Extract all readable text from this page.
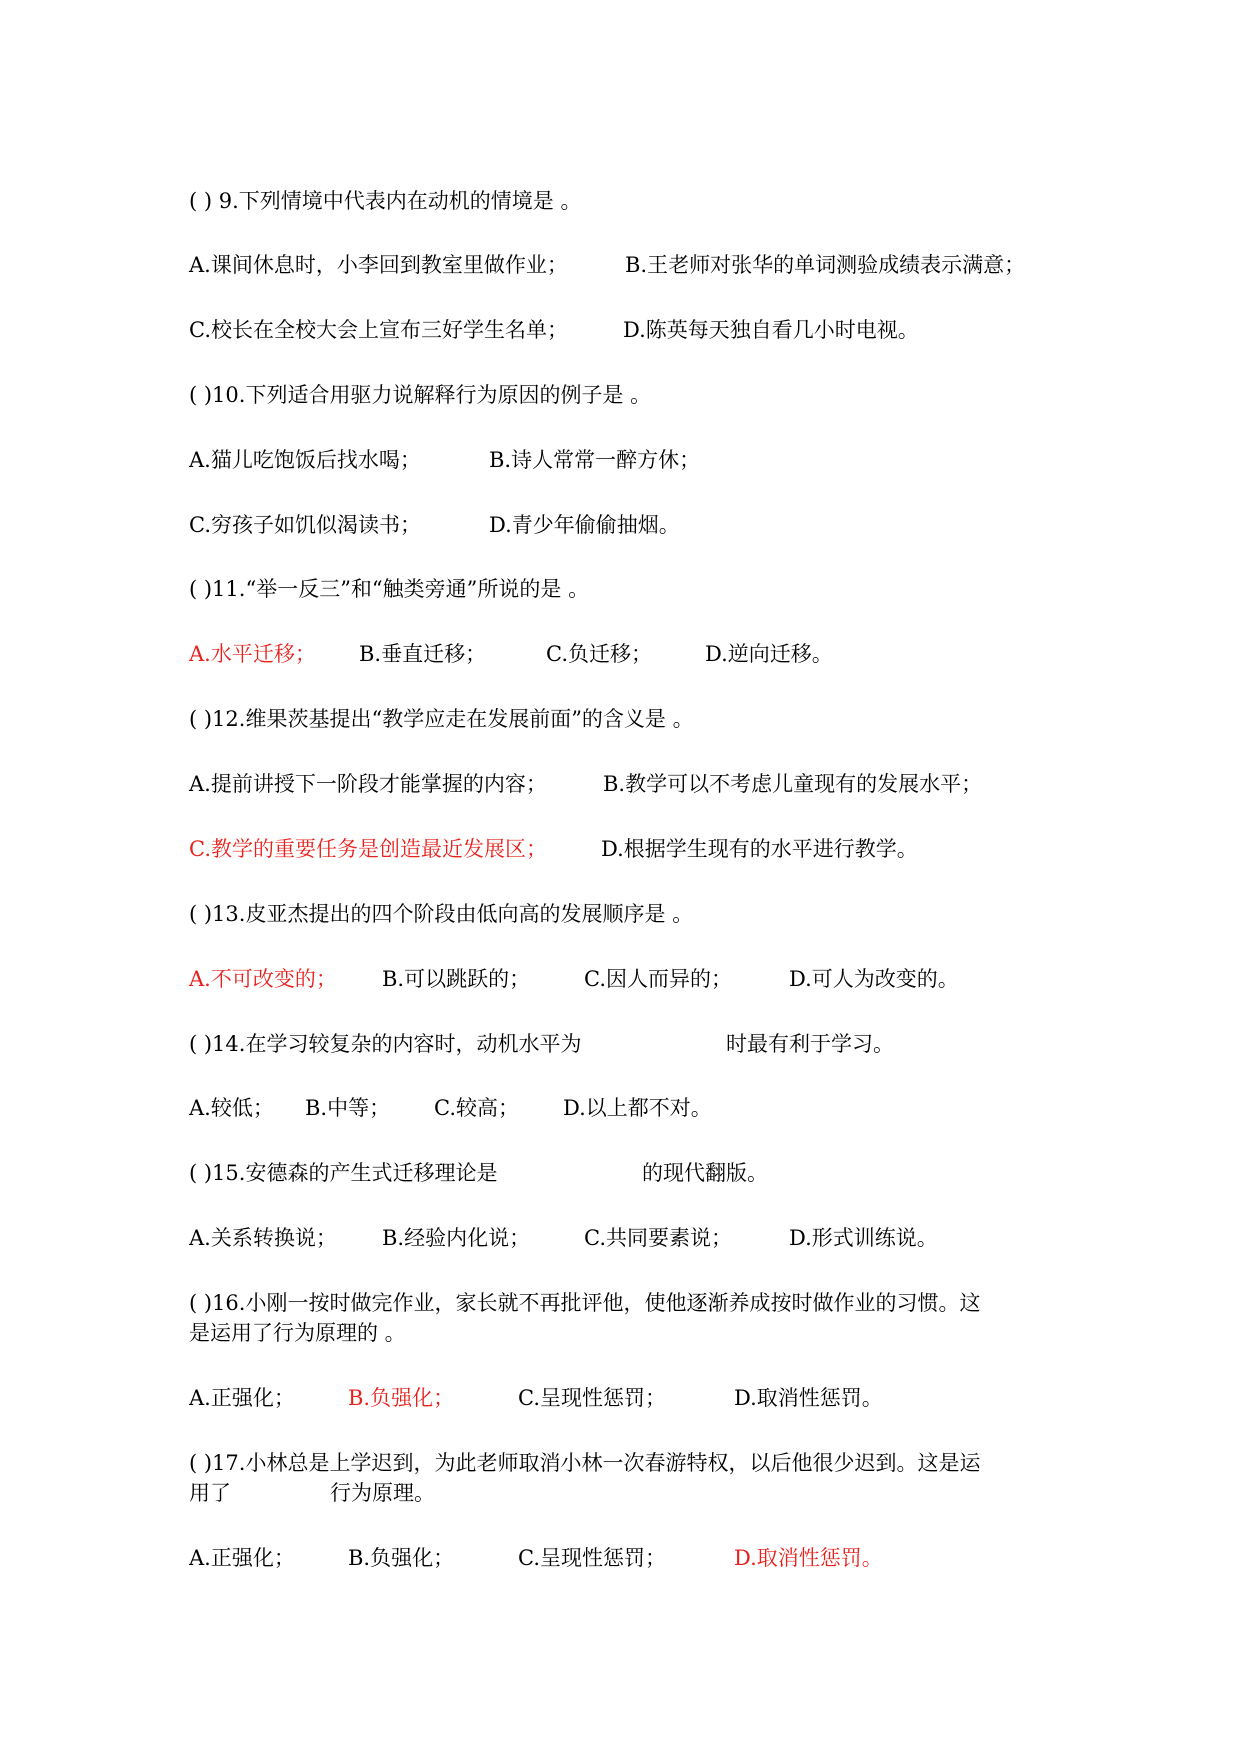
( ) 9.下列情境中代表内在动机的情境是 。
A.课间休息时，小李回到教室里做作业；	B.王老师对张华的单词测验成绩表示满意；
C.校长在全校大会上宣布三好学生名单；	D.陈英每天独自看几小时电视。
( )10.下列适合用驱力说解释行为原因的例子是 。
A.猫儿吃饱饭后找水喝；	B.诗人常常一醉方休；
C.穷孩子如饥似渴读书；	D.青少年偷偷抽烟。
( )11.“举一反三”和“触类旁通”所说的是 。
A.水平迁移； B.垂直迁移；	C.负迁移；	D.逆向迁移。
( )12.维果茨基提出“教学应走在发展前面”的含义是 。
A.提前讲授下一阶段才能掌握的内容；	B.教学可以不考虑儿童现有的发展水平；
C.教学的重要任务是创造最近发展区；	D.根据学生现有的水平进行教学。
( )13.皮亚杰提出的四个阶段由低向高的发展顺序是 。
A.不可改变的； B.可以跳跃的；	C.因人而异的；	D.可人为改变的。
( )14.在学习较复杂的内容时，动机水平为	时最有利于学习。
A.较低； B.中等； C.较高； D.以上都不对。
( )15.安德森的产生式迁移理论是	的现代翻版。
A.关系转换说； B.经验内化说；	C.共同要素说；	D.形式训练说。
( )16.小刚一按时做完作业，家长就不再批评他，使他逐渐养成按时做作业的习惯。这
是运用了行为原理的 。
A.正强化；	B.负强化；	C.呈现性惩罚；	D.取消性惩罚。
( )17.小林总是上学迟到，为此老师取消小林一次春游特权，以后他很少迟到。这是运
用了	行为原理。
A.正强化；	B.负强化；	C.呈现性惩罚；	D.取消性惩罚。
